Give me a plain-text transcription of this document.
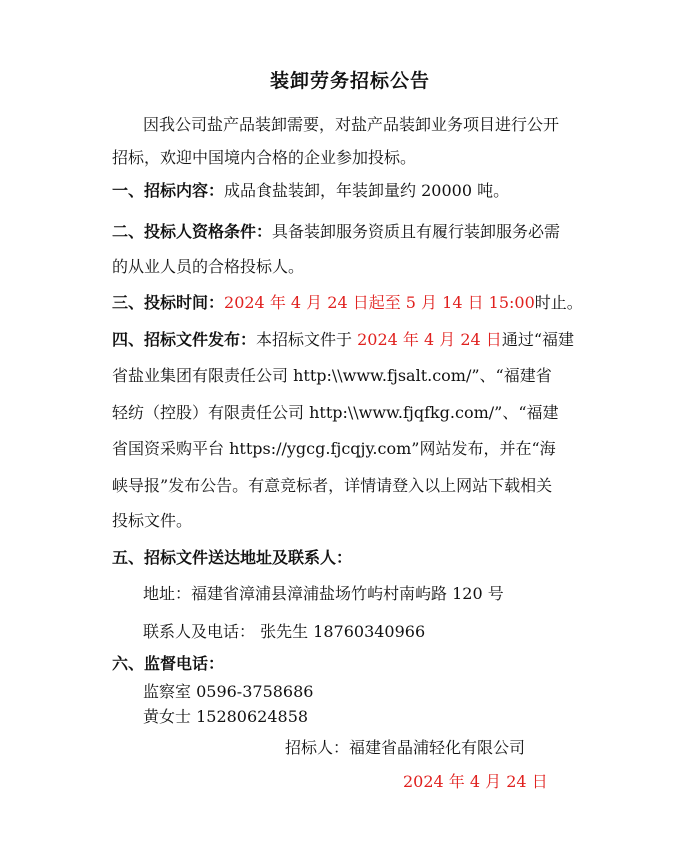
装卸劳务招标公告
因我公司盐产品装卸需要，对盐产品装卸业务项目进行公开
招标，欢迎中国境内合格的企业参加投标。
一、招标内容：成品食盐装卸，年装卸量约 20000 吨。
二、投标人资格条件：具备装卸服务资质且有履行装卸服务必需
的从业人员的合格投标人。
三、投标时间：2024 年 4 月 24 日起至 5 月 14 日 15:00时止。
四、招标文件发布：本招标文件于 2024 年 4 月 24 日通过“福建
省盐业集团有限责任公司 http:\\www.fjsalt.com/”、“福建省
轻纺（控股）有限责任公司 http:\\www.fjqfkg.com/”、“福建
省国资采购平台 https://ygcg.fjcqjy.com”网站发布，并在“海
峡导报”发布公告。有意竞标者，详情请登入以上网站下载相关
投标文件。
五、招标文件送达地址及联系人：
地址：福建省漳浦县漳浦盐场竹屿村南屿路 120 号
联系人及电话： 张先生 18760340966
六、监督电话：
监察室 0596-3758686
黄女士 15280624858
招标人：福建省晶浦轻化有限公司
2024 年 4 月 24 日
